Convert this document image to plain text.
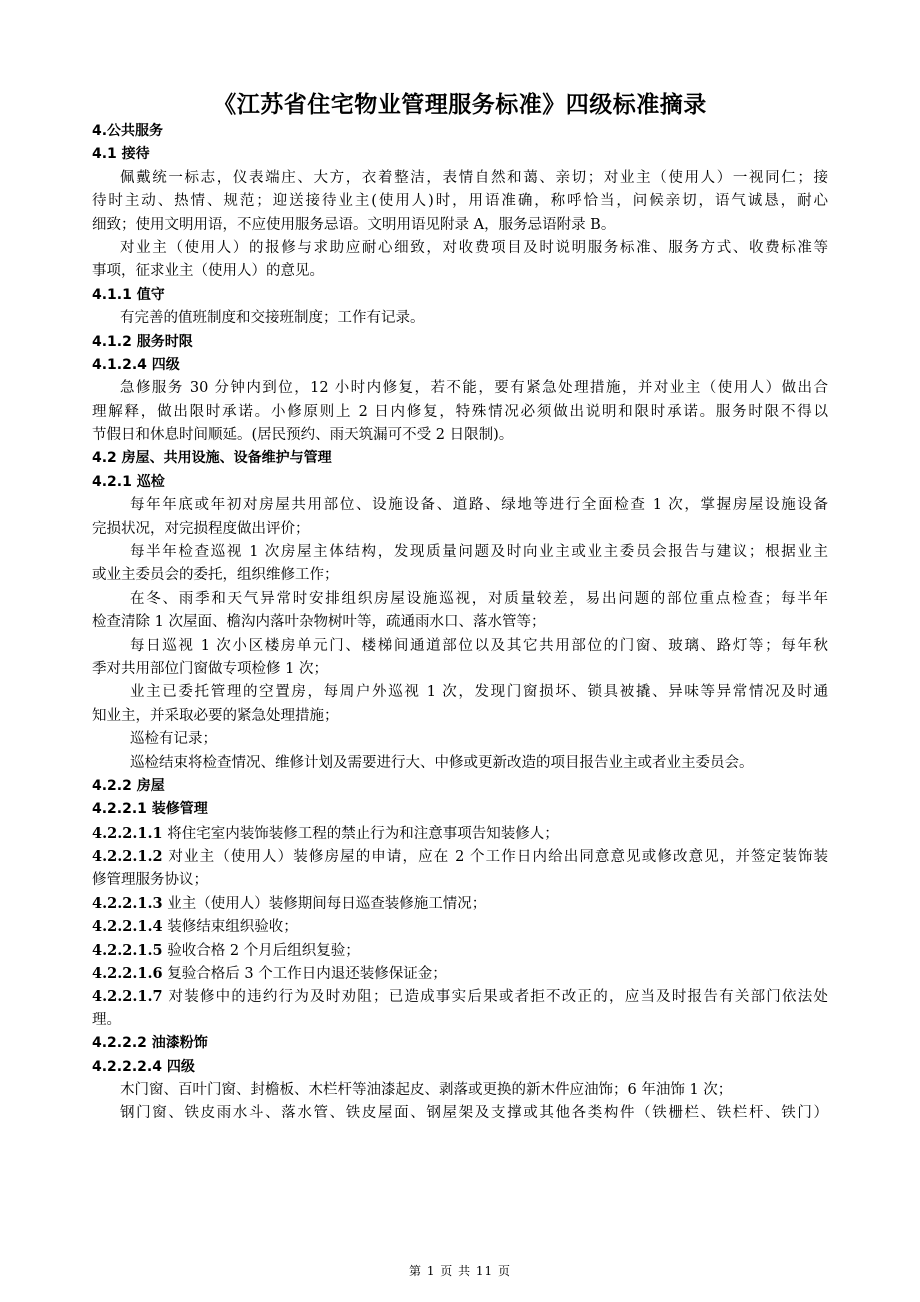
《江苏省住宅物业管理服务标准》四级标准摘录
4.公共服务
4.1 接待
佩戴统一标志，仪表端庄、大方，衣着整洁，表情自然和蔼、亲切；对业主（使用人）一视同仁；接
待时主动、热情、规范；迎送接待业主(使用人)时，用语准确，称呼恰当，问候亲切，语气诚恳，耐心
细致；使用文明用语，不应使用服务忌语。文明用语见附录 A，服务忌语附录 B。
对业主（使用人）的报修与求助应耐心细致，对收费项目及时说明服务标准、服务方式、收费标准等
事项，征求业主（使用人）的意见。
4.1.1 值守
有完善的值班制度和交接班制度；工作有记录。
4.1.2 服务时限
4.1.2.4 四级
急修服务 30 分钟内到位，12 小时内修复，若不能，要有紧急处理措施，并对业主（使用人）做出合
理解释，做出限时承诺。小修原则上 2 日内修复，特殊情况必须做出说明和限时承诺。服务时限不得以
节假日和休息时间顺延。(居民预约、雨天筑漏可不受 2 日限制)。
4.2 房屋、共用设施、设备维护与管理
4.2.1 巡检
每年年底或年初对房屋共用部位、设施设备、道路、绿地等进行全面检查 1 次，掌握房屋设施设备
完损状况，对完损程度做出评价；
每半年检查巡视 1 次房屋主体结构，发现质量问题及时向业主或业主委员会报告与建议；根据业主
或业主委员会的委托，组织维修工作；
在冬、雨季和天气异常时安排组织房屋设施巡视，对质量较差，易出问题的部位重点检查；每半年
检查清除 1 次屋面、檐沟内落叶杂物树叶等，疏通雨水口、落水管等；
每日巡视 1 次小区楼房单元门、楼梯间通道部位以及其它共用部位的门窗、玻璃、路灯等；每年秋
季对共用部位门窗做专项检修 1 次；
业主已委托管理的空置房，每周户外巡视 1 次，发现门窗损坏、锁具被撬、异味等异常情况及时通
知业主，并采取必要的紧急处理措施；
巡检有记录；
巡检结束将检查情况、维修计划及需要进行大、中修或更新改造的项目报告业主或者业主委员会。
4.2.2 房屋
4.2.2.1 装修管理
4.2.2.1.1 将住宅室内装饰装修工程的禁止行为和注意事项告知装修人；
4.2.2.1.2 对业主（使用人）装修房屋的申请，应在 2 个工作日内给出同意意见或修改意见，并签定装饰装
修管理服务协议；
4.2.2.1.3 业主（使用人）装修期间每日巡查装修施工情况；
4.2.2.1.4 装修结束组织验收；
4.2.2.1.5 验收合格 2 个月后组织复验；
4.2.2.1.6 复验合格后 3 个工作日内退还装修保证金；
4.2.2.1.7 对装修中的违约行为及时劝阻；已造成事实后果或者拒不改正的，应当及时报告有关部门依法处
理。
4.2.2.2 油漆粉饰
4.2.2.2.4 四级
木门窗、百叶门窗、封檐板、木栏杆等油漆起皮、剥落或更换的新木件应油饰；6 年油饰 1 次；
钢门窗、铁皮雨水斗、落水管、铁皮屋面、钢屋架及支撑或其他各类构件（铁栅栏、铁栏杆、铁门）
第 1 页 共 11 页
